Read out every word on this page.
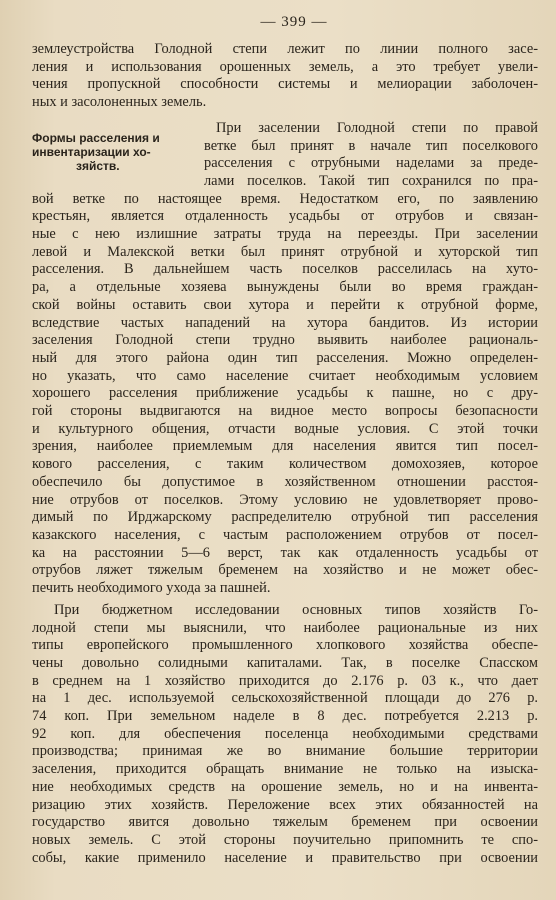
— 399 —
землеустройства Голодной степи лежит по линии полного засе-
ления и использования орошенных земель, а это требует увели-
чения пропускной способности системы и мелиорации заболочен-
ных и засолоненных земель.
Формы расселения и
инвентаризации хо-
зяйств.
При заселении Голодной степи по правой
ветке был принят в начале тип поселкового
расселения с отрубными наделами за преде-
лами поселков. Такой тип сохранился по пра-
вой ветке по настоящее время. Недостатком его, по заявлению
крестьян, является отдаленность усадьбы от отрубов и связан-
ные с нею излишние затраты труда на переезды. При заселении
левой и Малекской ветки был принят отрубной и хуторской тип
расселения. В дальнейшем часть поселков расселилась на хуто-
ра, а отдельные хозяева вынуждены были во время граждан-
ской войны оставить свои хутора и перейти к отрубной форме,
вследствие частых нападений на хутора бандитов. Из истории
заселения Голодной степи трудно выявить наиболее рациональ-
ный для этого района один тип расселения. Можно определен-
но указать, что само население считает необходимым условием
хорошего расселения приближение усадьбы к пашне, но с дру-
гой стороны выдвигаются на видное место вопросы безопасности
и культурного общения, отчасти водные условия. С этой точки
зрения, наиболее приемлемым для населения явится тип посел-
кового расселения, с таким количеством домохозяев, которое
обеспечило бы допустимое в хозяйственном отношении расстоя-
ние отрубов от поселков. Этому условию не удовлетворяет прово-
димый по Ирджарскому распределителю отрубной тип расселения
казакского населения, с частым расположением отрубов от посел-
ка на расстоянии 5—6 верст, так как отдаленность усадьбы от
отрубов ляжет тяжелым бременем на хозяйство и не может обес-
печить необходимого ухода за пашней.
При бюджетном исследовании основных типов хозяйств Го-
лодной степи мы выяснили, что наиболее рациональные из них
типы европейского промышленного хлопкового хозяйства обеспе-
чены довольно солидными капиталами. Так, в поселке Спасском
в среднем на 1 хозяйство приходится до 2.176 р. 03 к., что дает
на 1 дес. используемой сельскохозяйственной площади до 276 р.
74 коп. При земельном наделе в 8 дес. потребуется 2.213 р.
92 коп. для обеспечения поселенца необходимыми средствами
производства; принимая же во внимание большие территории
заселения, приходится обращать внимание не только на изыска-
ние необходимых средств на орошение земель, но и на инвента-
ризацию этих хозяйств. Переложение всех этих обязанностей на
государство явится довольно тяжелым бременем при освоении
новых земель. С этой стороны поучительно припомнить те спо-
собы, какие применило население и правительство при освоении
